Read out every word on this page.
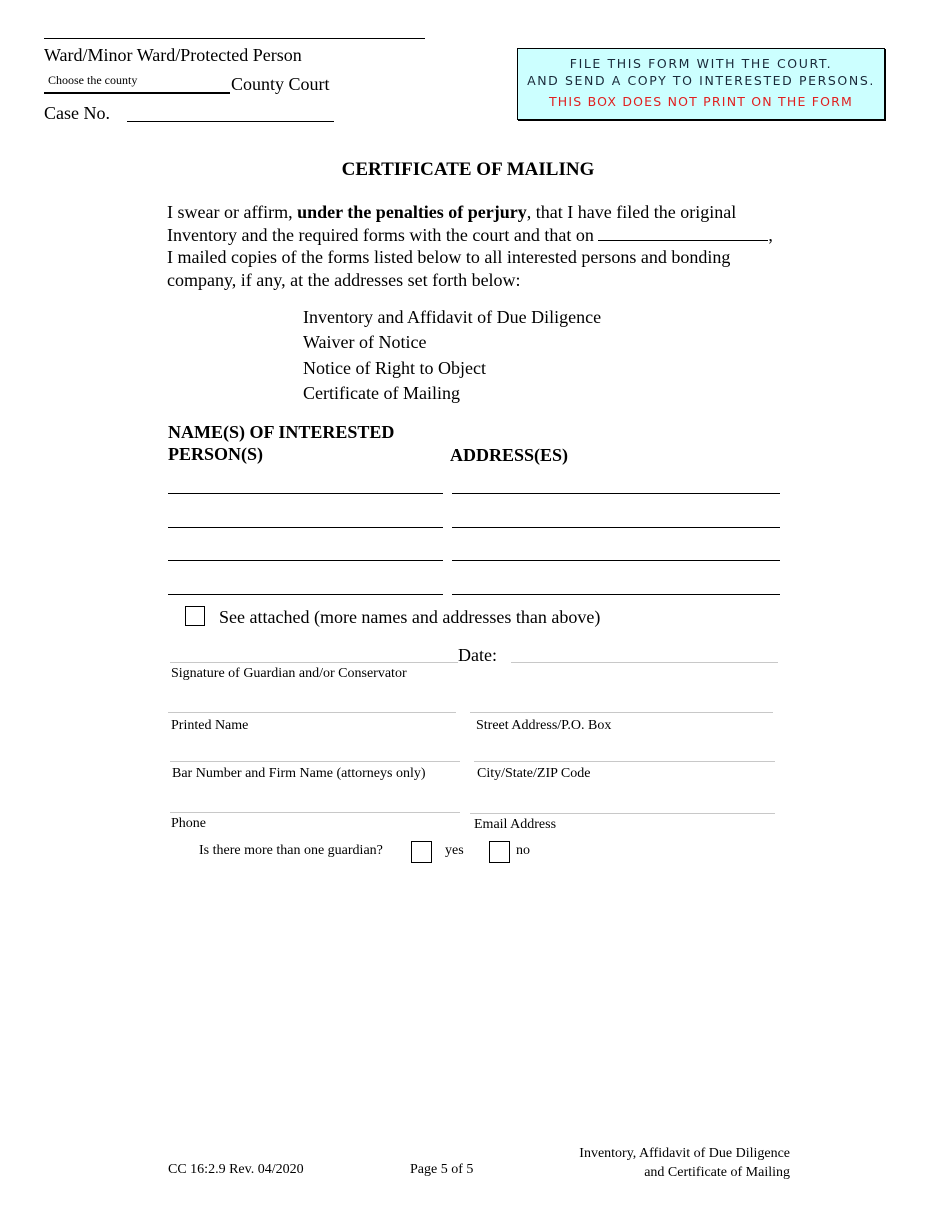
Ward/Minor Ward/Protected Person
Choose the county	County Court
Case No.
FILE THIS FORM WITH THE COURT.
AND SEND A COPY TO INTERESTED PERSONS.
THIS BOX DOES NOT PRINT ON THE FORM
CERTIFICATE OF MAILING
I swear or affirm, under the penalties of perjury, that I have filed the original
Inventory and the required forms with the court and that on	,
I mailed copies of the forms listed below to all interested persons and bonding
company, if any, at the addresses set forth below:
Inventory and Affidavit of Due Diligence
Waiver of Notice
Notice of Right to Object
Certificate of Mailing
NAME(S) OF INTERESTED
PERSON(S)	ADDRESS(ES)
See attached (more names and addresses than above)
Date:
Signature of Guardian and/or Conservator
Printed Name	Street Address/P.O. Box
Bar Number and Firm Name (attorneys only)	City/State/ZIP Code
Phone	Email Address
Is there more than one guardian?	yes	no
CC 16:2.9 Rev. 04/2020	Page 5 of 5
Inventory, Affidavit of Due Diligence
and Certificate of Mailing
